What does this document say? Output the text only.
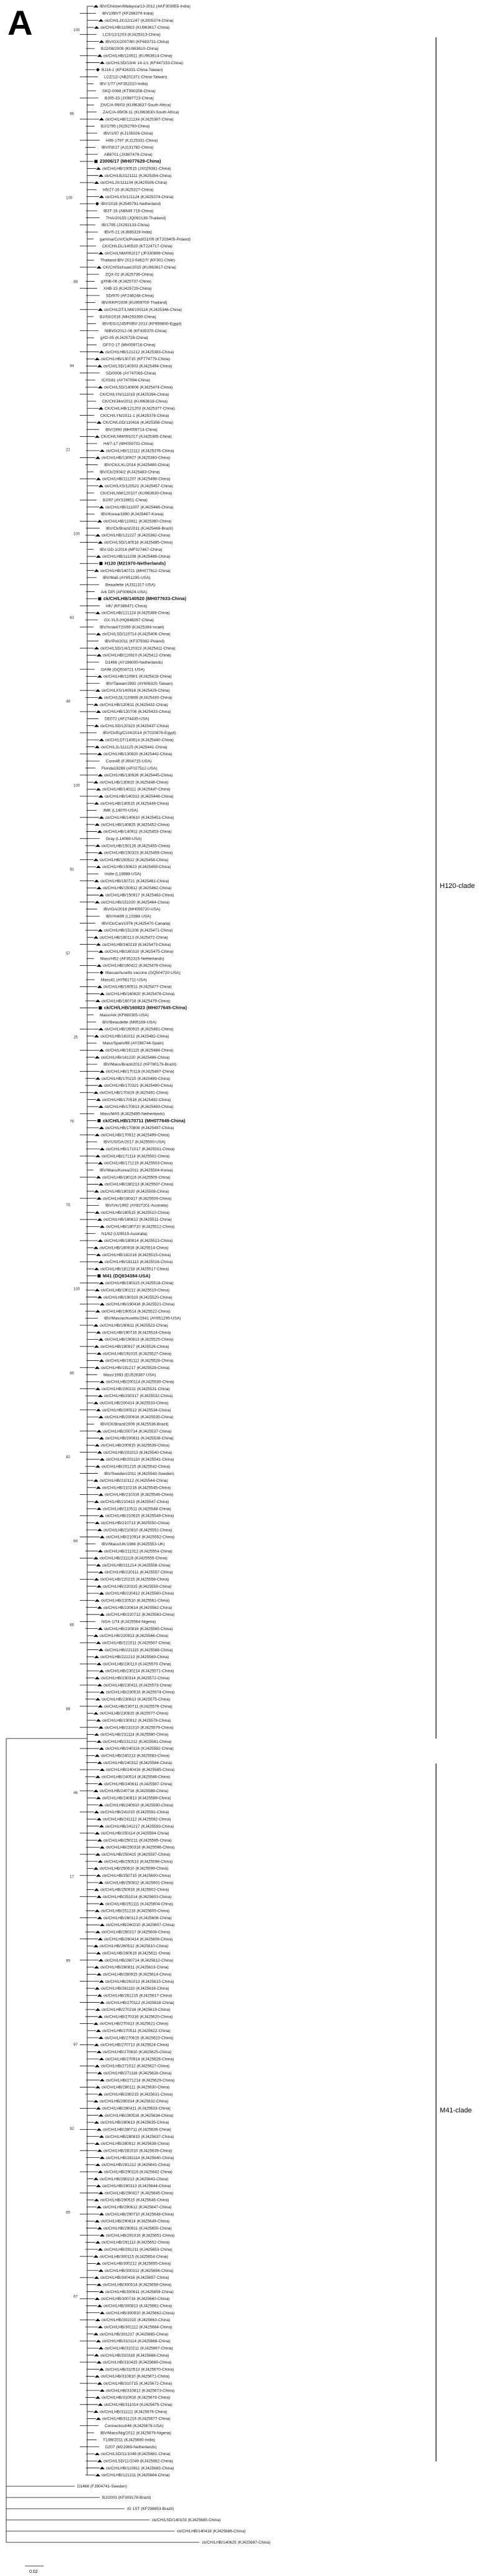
A	IBV/Chicken/Malaysia/13-2012 (AKF303955-India)
IBV1/IBVT (KF288379-India)
ck/CH/LJX/12/1247 (KJ005374-China)
ck/CH/LHB/110602 (KU963617-China)
LCS/12/1203 (KJ425313-China)
IBV/GX/2007/80 (KF693731-China)
BJ2/08/2009 (KU963610-China)
ck/CH/LHB/110611 (KU963614-China)
ck/CH/LSD/10/4/ 14-1/1 (KF447153-China)
BJ16-1 (KF426331-China-Taiwan)
LCZ/12/ (AB201371-China-Taiwan)
IBV-1/77 (AF352310-India)
SKQ-0068 (KT990258-China)
BJ05-33 (JX987723-China)
ZA/C/A-99/03 (KU963637-South Africa)
ZA/C/A-99/09-11 (KU963630-South Africa)
ck/CH/LHB/121134 (KJ425387-China)
BJ/1795 (JX292760-China)
IBV/1/97 (KJ135026-China)
H06-1797 (KJ125331-China)
IBV/03/17 (AJ131782-China)
AB8701 (JX987476-China)
23006/17 (MH077629-China)
ck/CH/LHB/100515 (JX029381-China)
ck/CH/LBJ/121111 (KJ425354-China)
ck/CH/LJX/111104 (KJ425506-China)
H5/27-16 (KJ425327-China)
ck/CH/LXS/121124 (KJ425374-China)
IBV/2018 (KJ545791-Netherland)
IB3T-16 (AB649 716-China)
THA/20155 (JQ092139-Thailand)
IB/1795 (JX292133-China)
IBV/5-21 (KJ665319-India)
gamma/CoV/Ck/Poland/G1/09 (KT203405-Poland)
CK/CH/LDL/140520 (KT224717-China)
ck/CH/LNM/091017 (JF330899-China)
Thailand-IBV-2013-5462/7/ (KF301-Chile)
CK/CH/Sichuan/2015 (KU963617-China)
ZQX-02 (KJ425736-China)
gXNB-06 (KJ425737-China)
XHB-15 (KJ425729-China)
SD/970 (AF248248-China)
IBV/KKP/2009 (KU959700-Thailand)
ck/CH/LDT/LNM/100116 (KJ425346-China)
BJ/S0/2016 (MH293390-China)
IBV/EG/1245/P/IBV-2013 (KF959800-Egypt)
NIBV0/2012-06 (KF435370-China)
gXD-05 (KJ425728-China)
GF7/2-17 (MH059716-China)
ck/CH/LHB/121212 (KJ425383-China)
ck/CH/LHB/130715 (KF774779-China)
ck/CH/LSD/140303 (KJ425494-China)
SD/0006 (AY747065-China)
IC/0161 (AY747094-China)
ck/CH/LSD/140606 (KJ425474-China)
CK/CH/LYN/111019 (KJ425394-China)
CK/CH/Jilin/2011 (KU963618-China)
CK/CH/LHB/121203 (KJ425377-China)
CK/CH/LYN/2011-1 (KJ425378-China)
CK/CH/LGD/110416 (KJ425356-China)
IBV/1993 (MH059714-China)
CK/CH/LNM/091017 (KJ425365-China)
H4/7-17 (MH059701-China)
ck/CH/LHB/121112 (KJ425376-China)
ck/CH/LHB/130927 (KJ425383-China)
IBV/CK/LXL/2014 (KJ425480-China)
IBV/Ck/2004/2 (KJ425483-China)
ck/CH/LHB/111207 (KJ425498-China)
ck/CH/LXS/120521 (KJ425457-China)
CK/CH/LNM/120107 (KU963630-China)
BJ/97 (AY319651-China)
ck/CH/LHB/111007 (KJ425466-China)
IBV/Korea/1990 (KJ425467-Korea)
ck/CH/LHB/110811 (KJ425360-China)
IBV/Ck/Brazil/2011 (KJ425469-Brazil)
ck/CH/LHB/121227 (KJ425382-China)
ck/CH/LSD/140518 (KJ425485-China)
IBV-GD-1/2016 (MF327467-China)
ck/CH/LHB/111208 (KJ425488-China)
H120 (M21970-Netherlands)
ck/CH/LHB/140721 (MH077612-China)
IBV/Ma5 (AY851295-USA)
Beaudette (AJ311317-USA)
Ark DPI (AF006624-USA)
ck/CH/LHB/140520 (MH077633-China)
HK/ (KF386471-China)
ck/CH/LHB/121124 (KJ425389-China)
GX-YL5 (HQ848267-China)
IBV/Israel/720/99 (KJ425394-Israel)
ck/CH/LSD/110714 (KJ425406-China)
IBV/Pol/2011 (KF379382-Poland)
ck/CH/LSD/1/4/120323 (KJ425411-China)
ck/CH/LHB/110810 (KJ425412-China)
D1466 (AY196000-Netherlands)
GA98 (GQ504721-USA)
ck/CH/LHB/110901 (KJ425418-China)
IBV/Taiwan/2992 (AY606320-Taiwan)
ck/CH/LXS/140916 (KJ425429-China)
ck/CH/LDL/120806 (KJ425430-China)
ck/CH/LHB/120611 (KJ425432-China)
ck/CH/LHB/120706 (KJ425433-China)
DE072 (AF274435-USA)
ck/CH/LSD/120323 (KJ425437-China)
IBV/Ck/Eg/CU/4/2014 (KT020876-Egypt)
ck/CH/LDT/140614 (KJ425440-China)
ck/CH/LJL/111125 (KJ425441-China)
ck/CH/LHB/130920 (KJ425442-China)
Conn46 (FJ904715-USA)
Florida18288 (AF027512-USA)
ck/CH/LHB/130926 (KJ425445-China)
ck/CH/LHB/130815 (KJ425446-China)
ck/CH/LHB/140111 (KJ425447-China)
ck/CH/LHB/140313 (KJ425448-China)
ck/CH/LHB/140515 (KJ425449-China)
JMK (L14070-USA)
ck/CH/LHB/140610 (KJ425451-China)
ck/CH/LHB/140825 (KJ425452-China)
ck/CH/LHB/140911 (KJ425453-China)
Gray (L14069-USA)
ck/CH/LHB/150126 (KJ425455-China)
ck/CH/LHB/150323 (KJ425456-China)
ck/CH/LHB/150512 (KJ425458-China)
ck/CH/LHB/150623 (KJ425459-China)
Holte (L18988-USA)
ck/CH/LHB/150721 (KJ425461-China)
ck/CH/LHB/150812 (KJ425462-China)
ck/CH/LHB/150917 (KJ425463-China)
ck/CH/LHB/151020 (KJ425464-China)
IBV/GA/2016 (MH059720-USA)
IBV/Ark99 (L10384-USA)
IBV/Ck/Can/1976 (KJ425470-Canada)
ck/CH/LHB/151208 (KJ425471-China)
ck/CH/LHB/160113 (KJ425472-China)
ck/CH/LHB/160219 (KJ425473-China)
ck/CH/LHB/160310 (KJ425475-China)
Mass/H52 (AF352315-Netherlands)
ck/CH/LHB/160422 (KJ425476-China)
Massachusetts vaccine (GQ504720-USA)
Mass41 (AY561711-USA)
ck/CH/LHB/160511 (KJ425477-China)
ck/CH/LHB/160620 (KJ425478-China)
ck/CH/LHB/160718 (KJ425479-China)
ck/CH/LHB/160823 (MH077645-China)
Mass/Ark (KF680305-USA)
IBV/Beaudette (M95169-USA)
ck/CH/LHB/160915 (KJ425481-China)
ck/CH/LHB/161012 (KJ425482-China)
Mass/Spain/98 (AY296744-Spain)
ck/CH/LHB/161115 (KJ425484-China)
ck/CH/LHB/161220 (KJ425486-China)
IBV/Mass/Brazil/2012 (KP780179-Brazil)
ck/CH/LHB/170118 (KJ425487-China)
ck/CH/LHB/170215 (KJ425489-China)
ck/CH/LHB/170321 (KJ425490-China)
ck/CH/LHB/170419 (KJ425491-China)
ck/CH/LHB/170516 (KJ425492-China)
ck/CH/LHB/170613 (KJ425493-China)
Mass/MA5 (KJ425495-Netherlands)
ck/CH/LHB/170711 (MH077649-China)
ck/CH/LHB/170808 (KJ425497-China)
ck/CH/LHB/170912 (KJ425499-China)
IBV/US/GA/2017 (KJ425500-USA)
ck/CH/LHB/171017 (KJ425501-China)
ck/CH/LHB/171114 (KJ425502-China)
ck/CH/LHB/171219 (KJ425503-China)
IBV/Mass/Korea/2011 (KJ425504-Korea)
ck/CH/LHB/180116 (KJ425505-China)
ck/CH/LHB/180213 (KJ425507-China)
ck/CH/LHB/180320 (KJ425508-China)
ck/CH/LHB/180417 (KJ425509-China)
IBV/Vic/1992 (AY827201-Australia)
ck/CH/LHB/180515 (KJ425510-China)
ck/CH/LHB/180612 (KJ425511-China)
ck/CH/LHB/180710 (KJ425512-China)
N1/62 (U29519-Australia)
ck/CH/LHB/180814 (KJ425513-China)
ck/CH/LHB/180918 (KJ425514-China)
ck/CH/LHB/181016 (KJ425515-China)
ck/CH/LHB/181113 (KJ425516-China)
ck/CH/LHB/181218 (KJ425517-China)
M41 (DQ834384-USA)
ck/CH/LHB/190115 (KJ425518-China)
ck/CH/LHB/190212 (KJ425519-China)
ck/CH/LHB/190319 (KJ425520-China)
ck/CH/LHB/190416 (KJ425521-China)
ck/CH/LHB/190514 (KJ425522-China)
IBV/Massachusetts/1941 (AY851295-USA)
ck/CH/LHB/190611 (KJ425523-China)
ck/CH/LHB/190716 (KJ425524-China)
ck/CH/LHB/190813 (KJ425525-China)
ck/CH/LHB/190917 (KJ425526-China)
ck/CH/LHB/191015 (KJ425527-China)
ck/CH/LHB/191112 (KJ425528-China)
ck/CH/LHB/191217 (KJ425529-China)
Mass/1993 (EU526387-USA)
ck/CH/LHB/200114 (KJ425530-China)
ck/CH/LHB/200211 (KJ425531-China)
ck/CH/LHB/200317 (KJ425532-China)
ck/CH/LHB/200414 (KJ425533-China)
ck/CH/LHB/200512 (KJ425534-China)
ck/CH/LHB/200616 (KJ425535-China)
IBV/CK/Brazil/2009 (KJ425536-Brazil)
ck/CH/LHB/200714 (KJ425537-China)
ck/CH/LHB/200811 (KJ425538-China)
ck/CH/LHB/200915 (KJ425539-China)
ck/CH/LHB/201013 (KJ425540-China)
ck/CH/LHB/201110 (KJ425541-China)
ck/CH/LHB/201215 (KJ425542-China)
IBV/Sweden/2011 (KJ425543-Sweden)
ck/CH/LHB/210112 (KJ425544-China)
ck/CH/LHB/210216 (KJ425545-China)
ck/CH/LHB/210316 (KJ425546-China)
ck/CH/LHB/210413 (KJ425547-China)
ck/CH/LHB/210511 (KJ425548-China)
ck/CH/LHB/210615 (KJ425549-China)
ck/CH/LHB/210713 (KJ425550-China)
ck/CH/LHB/210810 (KJ425551-China)
ck/CH/LHB/210914 (KJ425552-China)
IBV/Mass/UK/1966 (KJ425553-UK)
ck/CH/LHB/211012 (KJ425554-China)
ck/CH/LHB/211116 (KJ425555-China)
ck/CH/LHB/211214 (KJ425556-China)
ck/CH/LHB/220111 (KJ425557-China)
ck/CH/LHB/220215 (KJ425558-China)
ck/CH/LHB/220315 (KJ425559-China)
ck/CH/LHB/220412 (KJ425560-China)
ck/CH/LHB/220510 (KJ425561-China)
ck/CH/LHB/220614 (KJ425562-China)
ck/CH/LHB/220712 (KJ425563-China)
NGA-1/74 (KJ425564-Nigeria)
ck/CH/LHB/220816 (KJ425565-China)
ck/CH/LHB/220913 (KJ425566-China)
ck/CH/LHB/221011 (KJ425567-China)
ck/CH/LHB/221115 (KJ425568-China)
ck/CH/LHB/221213 (KJ425569-China)
ck/CH/LHB/230110 (KJ425570-China)
ck/CH/LHB/230214 (KJ425571-China)
ck/CH/LHB/230314 (KJ425572-China)
ck/CH/LHB/230411 (KJ425573-China)
ck/CH/LHB/230516 (KJ425574-China)
ck/CH/LHB/230613 (KJ425575-China)
ck/CH/LHB/230711 (KJ425576-China)
ck/CH/LHB/230815 (KJ425577-China)
ck/CH/LHB/230912 (KJ425578-China)
ck/CH/LHB/231010 (KJ425579-China)
ck/CH/LHB/231114 (KJ425580-China)
ck/CH/LHB/231212 (KJ425581-China)
ck/CH/LHB/240116 (KJ425582-China)
ck/CH/LHB/240213 (KJ425583-China)
ck/CH/LHB/240312 (KJ425584-China)
ck/CH/LHB/240416 (KJ425585-China)
ck/CH/LHB/240514 (KJ425586-China)
ck/CH/LHB/240611 (KJ425587-China)
ck/CH/LHB/240716 (KJ425588-China)
ck/CH/LHB/240813 (KJ425589-China)
ck/CH/LHB/240910 (KJ425590-China)
ck/CH/LHB/241015 (KJ425591-China)
ck/CH/LHB/241112 (KJ425592-China)
ck/CH/LHB/241217 (KJ425593-China)
ck/CH/LHB/250114 (KJ425594-China)
ck/CH/LHB/250211 (KJ425595-China)
ck/CH/LHB/250318 (KJ425596-China)
ck/CH/LHB/250415 (KJ425597-China)
ck/CH/LHB/250513 (KJ425598-China)
ck/CH/LHB/250610 (KJ425599-China)
ck/CH/LHB/250715 (KJ425600-China)
ck/CH/LHB/250812 (KJ425601-China)
ck/CH/LHB/250916 (KJ425602-China)
ck/CH/LHB/251014 (KJ425603-China)
ck/CH/LHB/251111 (KJ425604-China)
ck/CH/LHB/251216 (KJ425605-China)
ck/CH/LHB/260113 (KJ425606-China)
ck/CH/LHB/260210 (KJ425607-China)
ck/CH/LHB/260317 (KJ425608-China)
ck/CH/LHB/260414 (KJ425609-China)
ck/CH/LHB/260512 (KJ425610-China)
ck/CH/LHB/260616 (KJ425611-China)
ck/CH/LHB/260714 (KJ425612-China)
ck/CH/LHB/260811 (KJ425613-China)
ck/CH/LHB/260915 (KJ425614-China)
ck/CH/LHB/261013 (KJ425615-China)
ck/CH/LHB/261110 (KJ425616-China)
ck/CH/LHB/261215 (KJ425617-China)
ck/CH/LHB/270112 (KJ425618-China)
ck/CH/LHB/270216 (KJ425619-China)
ck/CH/LHB/270316 (KJ425620-China)
ck/CH/LHB/270413 (KJ425621-China)
ck/CH/LHB/270511 (KJ425622-China)
ck/CH/LHB/270615 (KJ425623-China)
ck/CH/LHB/270713 (KJ425624-China)
ck/CH/LHB/270810 (KJ425625-China)
ck/CH/LHB/270914 (KJ425626-China)
ck/CH/LHB/271012 (KJ425627-China)
ck/CH/LHB/271116 (KJ425628-China)
ck/CH/LHB/271214 (KJ425629-China)
ck/CH/LHB/280111 (KJ425630-China)
ck/CH/LHB/280215 (KJ425631-China)
ck/CH/LHB/280314 (KJ425632-China)
ck/CH/LHB/280411 (KJ425633-China)
ck/CH/LHB/280516 (KJ425634-China)
ck/CH/LHB/280613 (KJ425635-China)
ck/CH/LHB/280711 (KJ425636-China)
ck/CH/LHB/280815 (KJ425637-China)
ck/CH/LHB/280912 (KJ425638-China)
ck/CH/LHB/281010 (KJ425639-China)
ck/CH/LHB/281114 (KJ425640-China)
ck/CH/LHB/281212 (KJ425641-China)
ck/CH/LHB/290116 (KJ425642-China)
ck/CH/LHB/290213 (KJ425643-China)
ck/CH/LHB/290313 (KJ425644-China)
ck/CH/LHB/290417 (KJ425645-China)
ck/CH/LHB/290515 (KJ425646-China)
ck/CH/LHB/290612 (KJ425647-China)
ck/CH/LHB/290710 (KJ425648-China)
ck/CH/LHB/290814 (KJ425649-China)
ck/CH/LHB/290911 (KJ425650-China)
ck/CH/LHB/291016 (KJ425651-China)
ck/CH/LHB/291113 (KJ425652-China)
ck/CH/LHB/291211 (KJ425653-China)
ck/CH/LHB/300115 (KJ425654-China)
ck/CH/LHB/300212 (KJ425655-China)
ck/CH/LHB/300312 (KJ425656-China)
ck/CH/LHB/300416 (KJ425657-China)
ck/CH/LHB/300514 (KJ425658-China)
ck/CH/LHB/300611 (KJ425659-China)
ck/CH/LHB/300716 (KJ425660-China)
ck/CH/LHB/300813 (KJ425661-China)
ck/CH/LHB/300910 (KJ425662-China)
ck/CH/LHB/301015 (KJ425663-China)
ck/CH/LHB/301112 (KJ425664-China)
ck/CH/LHB/301217 (KJ425665-China)
ck/CH/LHB/310114 (KJ425666-China)
ck/CH/LHB/310211 (KJ425667-China)
ck/CH/LHB/310318 (KJ425668-China)
ck/CH/LHB/310415 (KJ425669-China)
ck/CH/LHB/310513 (KJ425670-China)
ck/CH/LHB/310610 (KJ425671-China)
ck/CH/LHB/310715 (KJ425672-China)
ck/CH/LHB/310812 (KJ425673-China)
ck/CH/LHB/310916 (KJ425674-China)
ck/CH/LHB/311014 (KJ425675-China)
ck/CH/LHB/311111 (KJ425676-China)
ck/CH/LHB/311216 (KJ425677-China)
Connecticut/46 (KJ425678-USA)
IBV/Mass/Nig/2012 (KJ425679-Nigeria)
T1/89/2011 (KJ425680-India)
D207 (M21969-Netherlands)
ck/CH/LSD/11/1048 (KJ425681-China)
ck/CH/LSD/11/1049 (KJ425682-China)
ck/CH/LHB/110811 (KJ425683-China)
ck/CH/LHB/121211 (KJ425684-China)
D1466 (FJ904741-Sweden)
BJ/2003 (KF309178-Brazil)
IG 1ST (KF298853-Brazil)
ck/CH/LSD/140103 (KJ425685-China)
ck/CH/LHB/140418 (KJ425686-China)
ck/CH/LHB/140625 (KJ425687-China)
100
96
100
99
94
21
100
63
49
100
91
57
25
76
75
100
86
82
69
66
88
46
17
99
97
92
65
67
H120-clade
M41-clade
0.02
